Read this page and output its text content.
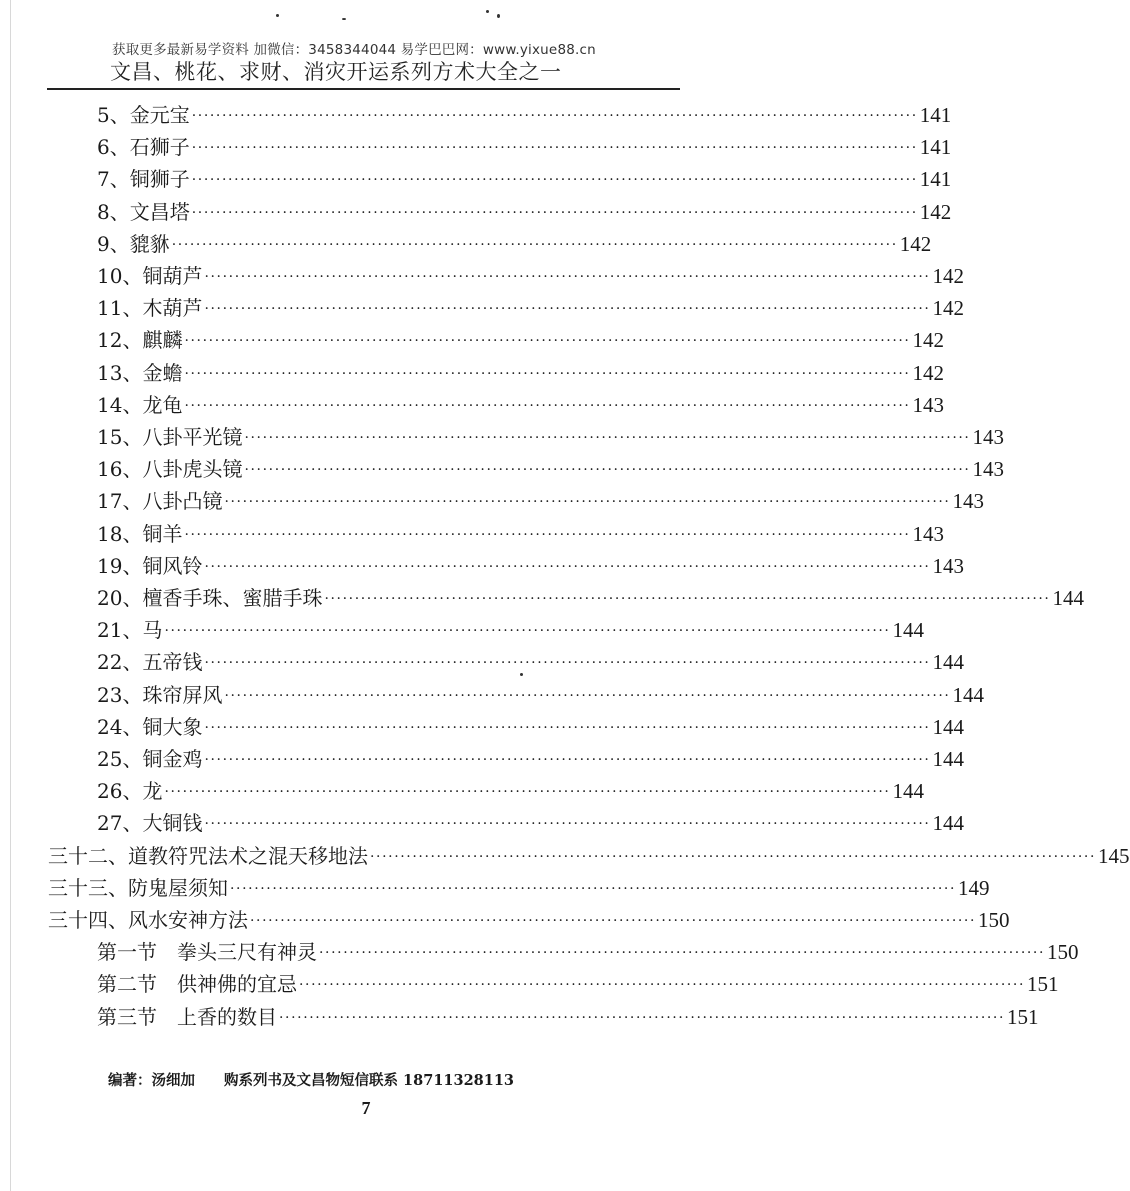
获取更多最新易学资料 加微信：3458344044 易学巴巴网：www.yixue88.cn
文昌、桃花、求财、消灾开运系列方术大全之一
5、金元宝 ························································································································ 141
6、石狮子 ························································································································ 141
7、铜狮子 ························································································································ 141
8、文昌塔 ························································································································ 142
9、貔貅 ························································································································ 142
10、铜葫芦 ························································································································ 142
11、木葫芦 ························································································································ 142
12、麒麟 ························································································································ 142
13、金蟾 ························································································································ 142
14、龙龟 ························································································································ 143
15、八卦平光镜 ························································································································ 143
16、八卦虎头镜 ························································································································ 143
17、八卦凸镜 ························································································································ 143
18、铜羊 ························································································································ 143
19、铜风铃 ························································································································ 143
20、檀香手珠、蜜腊手珠 ························································································································ 144
21、马 ························································································································ 144
22、五帝钱 ························································································································ 144
23、珠帘屏风 ························································································································ 144
24、铜大象 ························································································································ 144
25、铜金鸡 ························································································································ 144
26、龙 ························································································································ 144
27、大铜钱 ························································································································ 144
三十二、道教符咒法术之混天移地法 ························································································································ 145
三十三、防鬼屋须知 ························································································································ 149
三十四、风水安神方法 ························································································································ 150
第一节　拳头三尺有神灵 ························································································································ 150
第二节　供神佛的宜忌 ························································································································ 151
第三节　上香的数目 ························································································································ 151
编著：汤细加　　购系列书及文昌物短信联系 18711328113
7
